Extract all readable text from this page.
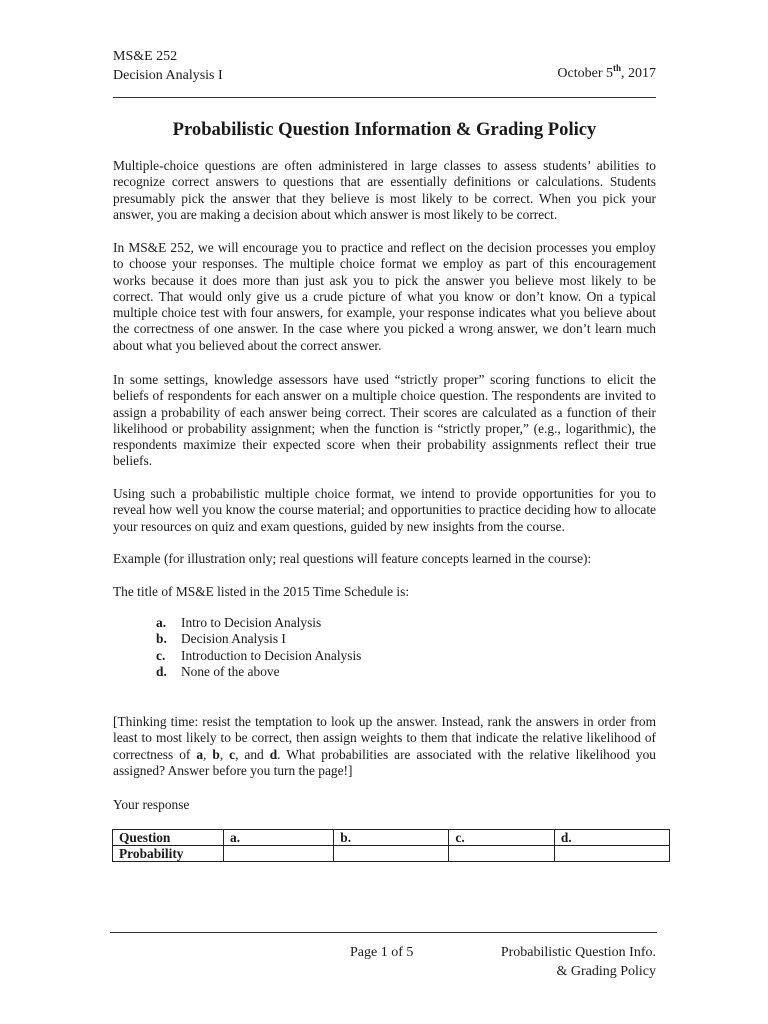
MS&E 252
Decision Analysis I	October 5th, 2017
Probabilistic Question Information & Grading Policy

Multiple-choice questions are often administered in large classes to assess students’ abilities to recognize correct answers to questions that are essentially definitions or calculations. Students presumably pick the answer that they believe is most likely to be correct. When you pick your answer, you are making a decision about which answer is most likely to be correct.

In MS&E 252, we will encourage you to practice and reflect on the decision processes you employ to choose your responses. The multiple choice format we employ as part of this encouragement works because it does more than just ask you to pick the answer you believe most likely to be correct. That would only give us a crude picture of what you know or don’t know. On a typical multiple choice test with four answers, for example, your response indicates what you believe about the correctness of one answer. In the case where you picked a wrong answer, we don’t learn much about what you believed about the correct answer.

In some settings, knowledge assessors have used “strictly proper” scoring functions to elicit the beliefs of respondents for each answer on a multiple choice question. The respondents are invited to assign a probability of each answer being correct. Their scores are calculated as a function of their likelihood or probability assignment; when the function is “strictly proper,” (e.g., logarithmic), the respondents maximize their expected score when their probability assignments reflect their true beliefs.

Using such a probabilistic multiple choice format, we intend to provide opportunities for you to reveal how well you know the course material; and opportunities to practice deciding how to allocate your resources on quiz and exam questions, guided by new insights from the course.

Example (for illustration only; real questions will feature concepts learned in the course):

The title of MS&E listed in the 2015 Time Schedule is:

a. Intro to Decision Analysis
b. Decision Analysis I
c. Introduction to Decision Analysis
d. None of the above

[Thinking time: resist the temptation to look up the answer. Instead, rank the answers in order from least to most likely to be correct, then assign weights to them that indicate the relative likelihood of correctness of a, b, c, and d. What probabilities are associated with the relative likelihood you assigned? Answer before you turn the page!]

Your response

Question	a.	b.	c.	d.
Probability				
Page 1 of 5	Probabilistic Question Info.
& Grading Policy
